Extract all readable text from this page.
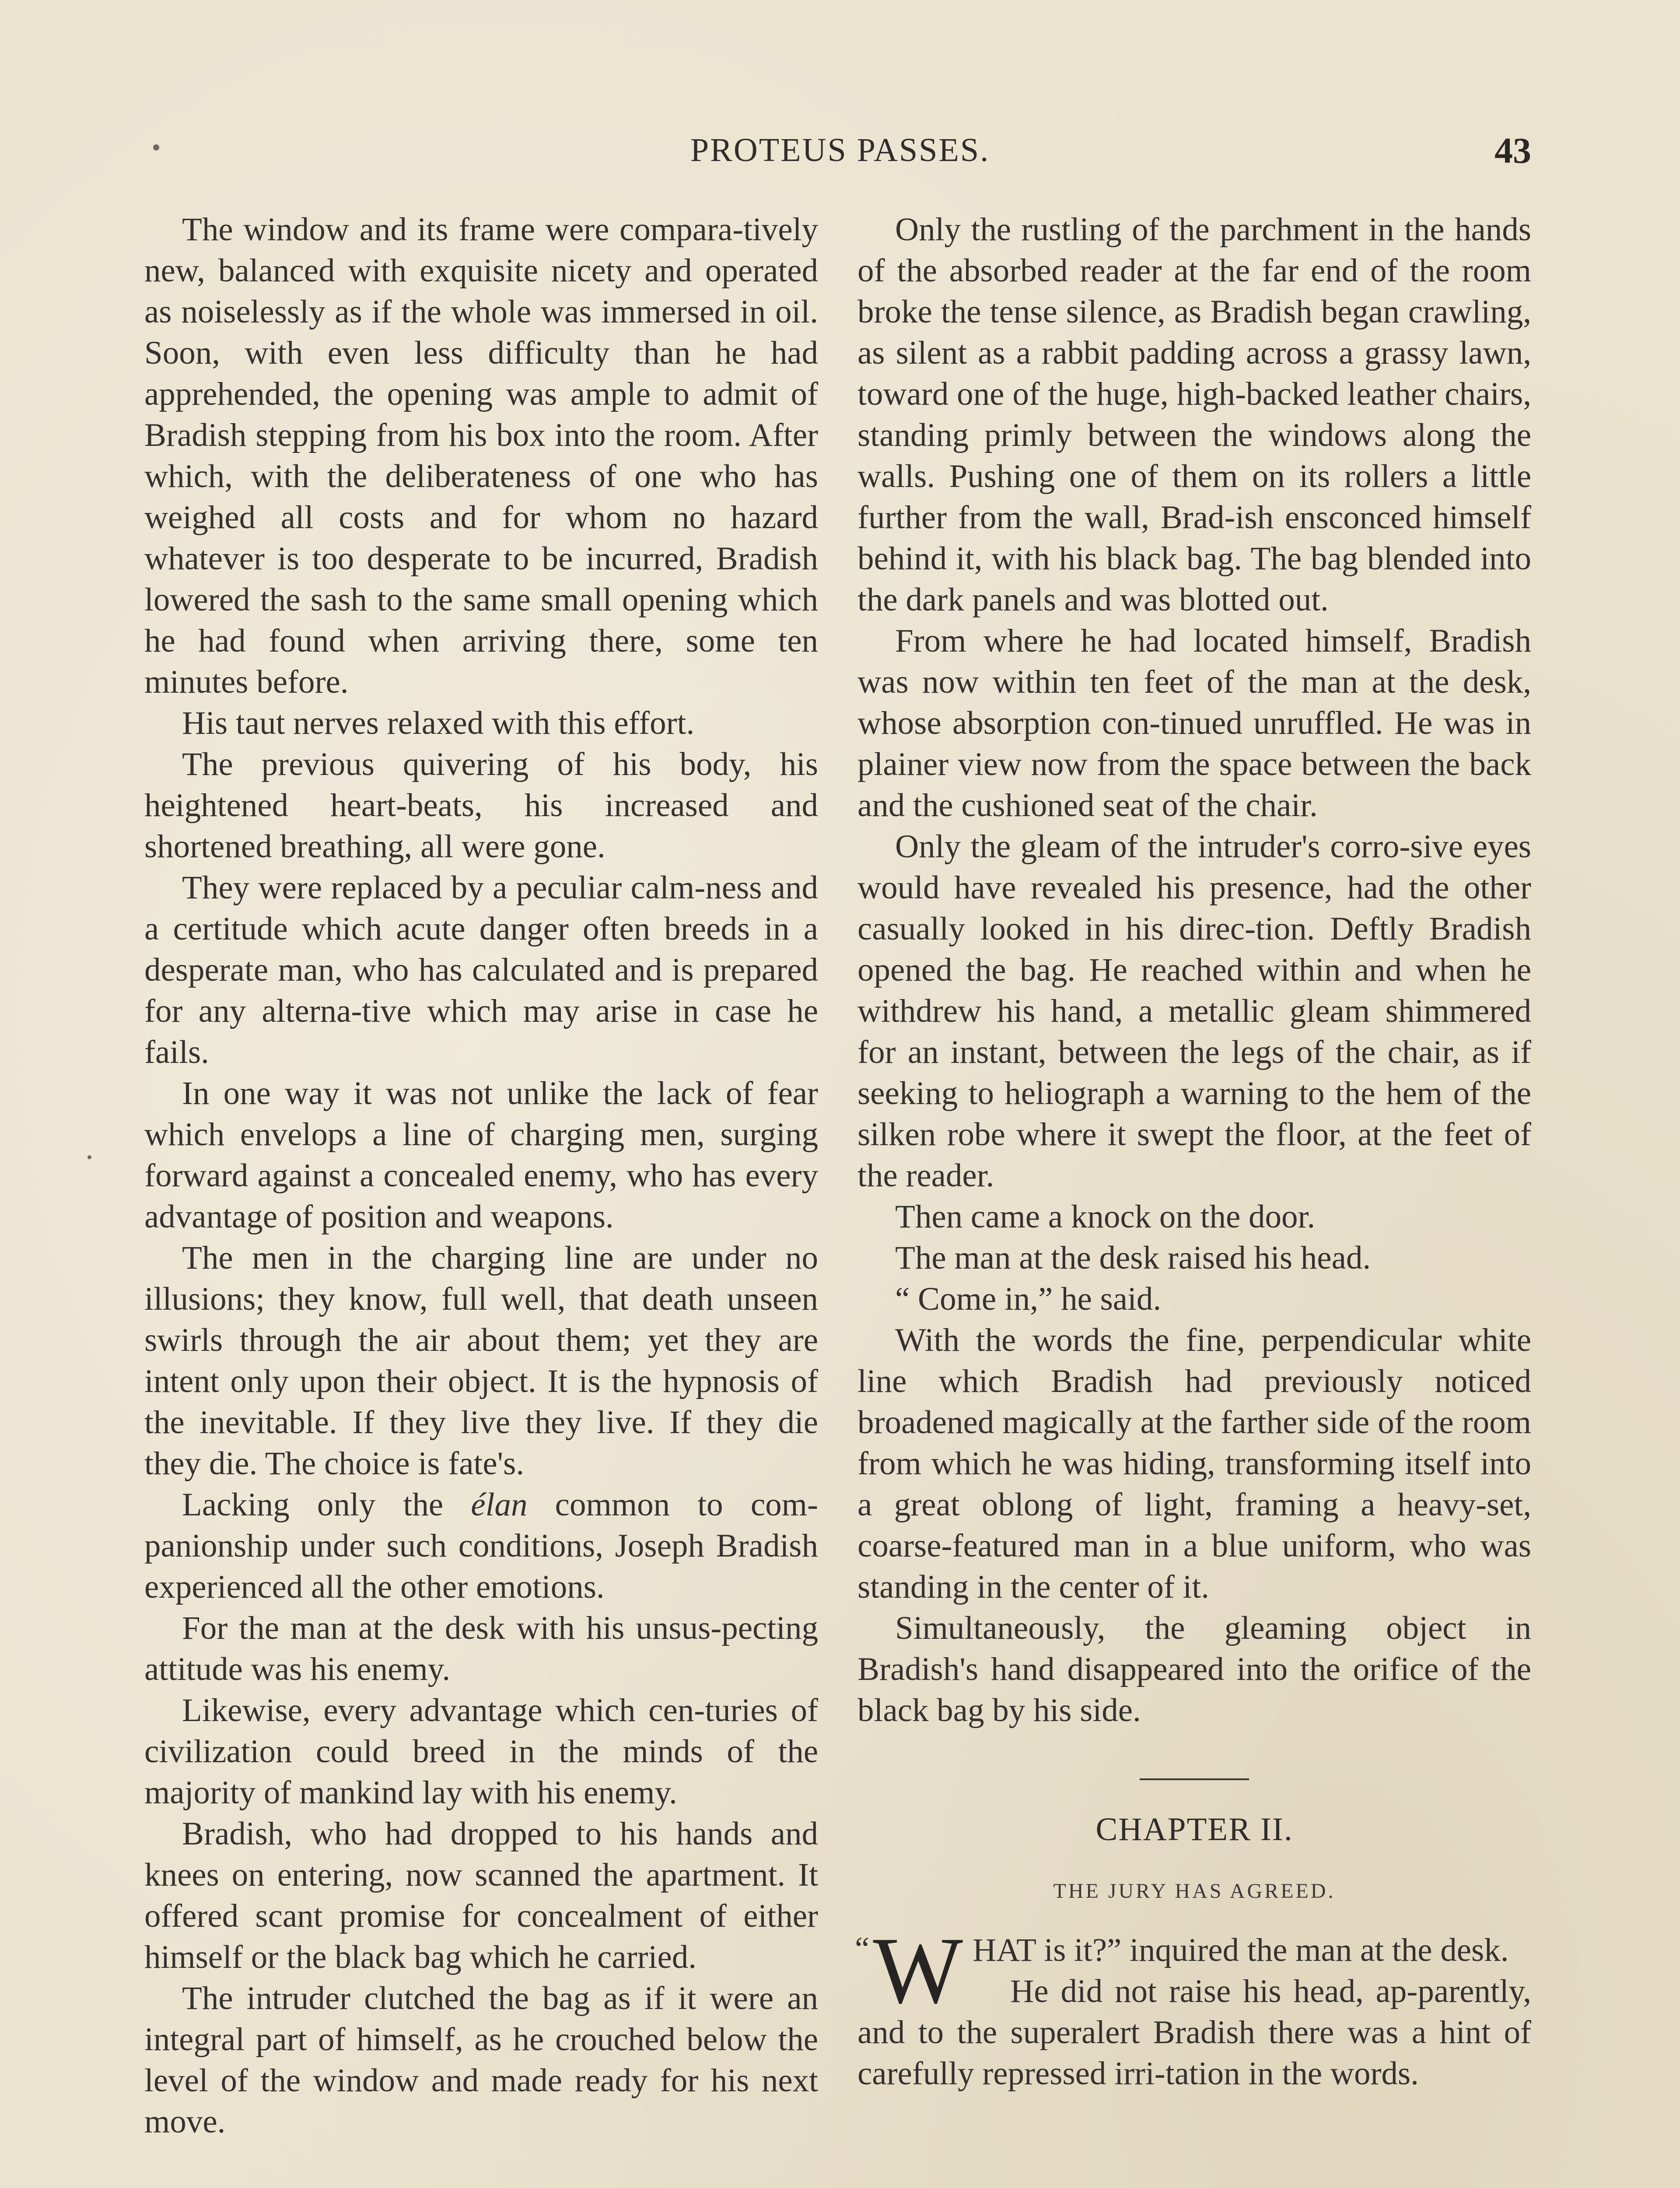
PROTEUS PASSES.	43

The window and its frame were compara-tively new, balanced with exquisite nicety and operated as noiselessly as if the whole was immersed in oil. Soon, with even less difficulty than he had apprehended, the opening was ample to admit of Bradish stepping from his box into the room. After which, with the deliberateness of one who has weighed all costs and for whom no hazard whatever is too desperate to be incurred, Bradish lowered the sash to the same small opening which he had found when arriving there, some ten minutes before.

His taut nerves relaxed with this effort.

The previous quivering of his body, his heightened heart-beats, his increased and shortened breathing, all were gone.

They were replaced by a peculiar calm-ness and a certitude which acute danger often breeds in a desperate man, who has calculated and is prepared for any alterna-tive which may arise in case he fails.

In one way it was not unlike the lack of fear which envelops a line of charging men, surging forward against a concealed enemy, who has every advantage of position and weapons.

The men in the charging line are under no illusions; they know, full well, that death unseen swirls through the air about them; yet they are intent only upon their object. It is the hypnosis of the inevitable. If they live they live. If they die they die. The choice is fate's.

Lacking only the élan common to com-panionship under such conditions, Joseph Bradish experienced all the other emotions.

For the man at the desk with his unsus-pecting attitude was his enemy.

Likewise, every advantage which cen-turies of civilization could breed in the minds of the majority of mankind lay with his enemy.

Bradish, who had dropped to his hands and knees on entering, now scanned the apartment. It offered scant promise for concealment of either himself or the black bag which he carried.

The intruder clutched the bag as if it were an integral part of himself, as he crouched below the level of the window and made ready for his next move.

Only the rustling of the parchment in the hands of the absorbed reader at the far end of the room broke the tense silence, as Bradish began crawling, as silent as a rabbit padding across a grassy lawn, toward one of the huge, high-backed leather chairs, standing primly between the windows along the walls. Pushing one of them on its rollers a little further from the wall, Brad-ish ensconced himself behind it, with his black bag. The bag blended into the dark panels and was blotted out.

From where he had located himself, Bradish was now within ten feet of the man at the desk, whose absorption con-tinued unruffled. He was in plainer view now from the space between the back and the cushioned seat of the chair.

Only the gleam of the intruder's corro-sive eyes would have revealed his presence, had the other casually looked in his direc-tion. Deftly Bradish opened the bag. He reached within and when he withdrew his hand, a metallic gleam shimmered for an instant, between the legs of the chair, as if seeking to heliograph a warning to the hem of the silken robe where it swept the floor, at the feet of the reader.

Then came a knock on the door.

The man at the desk raised his head.

“ Come in,” he said.

With the words the fine, perpendicular white line which Bradish had previously noticed broadened magically at the farther side of the room from which he was hiding, transforming itself into a great oblong of light, framing a heavy-set, coarse-featured man in a blue uniform, who was standing in the center of it.

Simultaneously, the gleaming object in Bradish's hand disappeared into the orifice of the black bag by his side.

CHAPTER II.
THE JURY HAS AGREED.

“W HAT is it?” inquired the man at the desk.

He did not raise his head, ap-parently, and to the superalert Bradish there was a hint of carefully repressed irri-tation in the words.
